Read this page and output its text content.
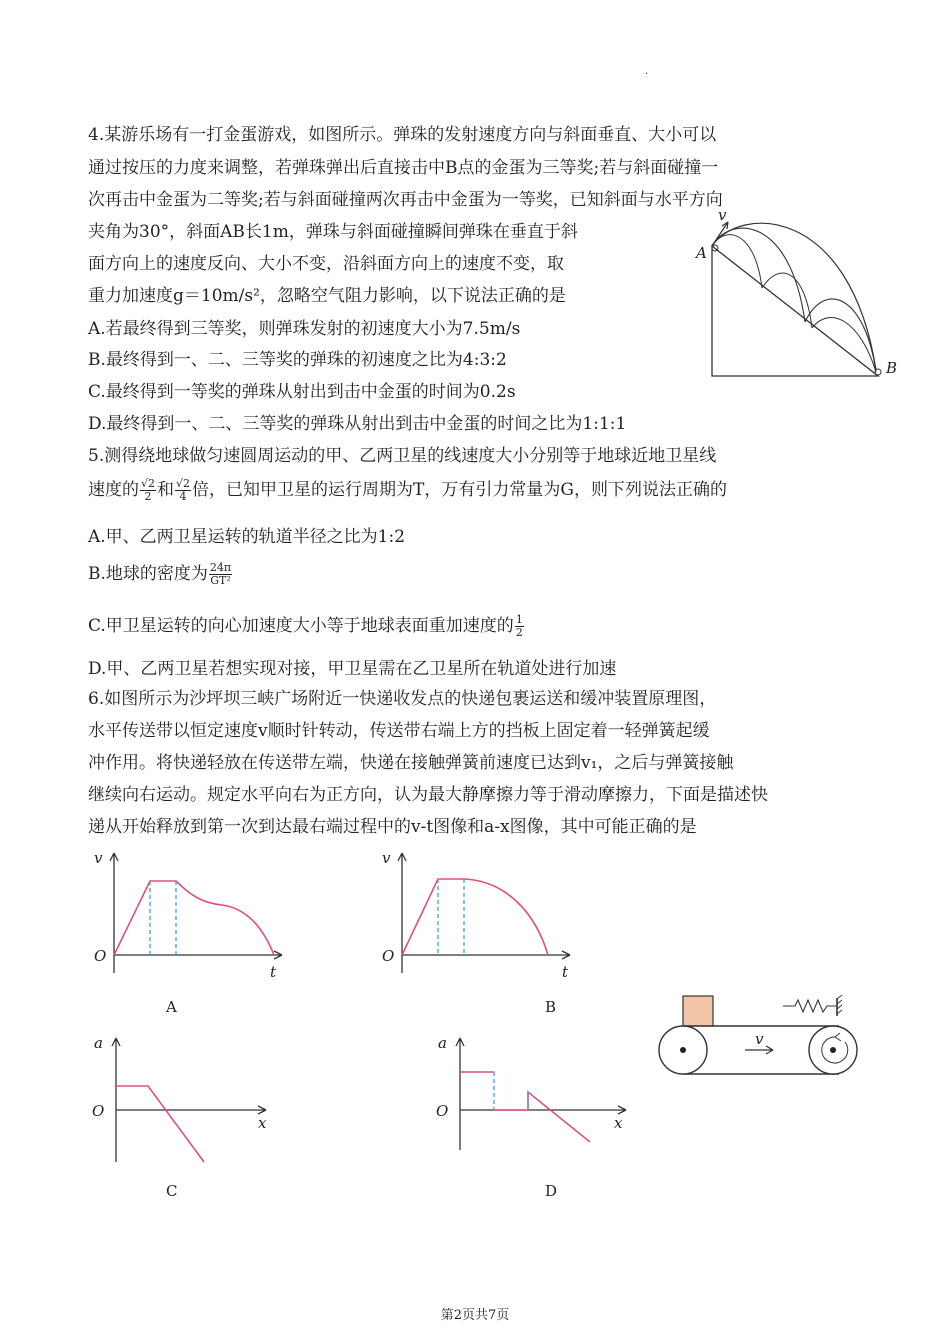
.
4.某游乐场有一打金蛋游戏，如图所示。弹珠的发射速度方向与斜面垂直、大小可以
通过按压的力度来调整，若弹珠弹出后直接击中B点的金蛋为三等奖;若与斜面碰撞一
次再击中金蛋为二等奖;若与斜面碰撞两次再击中金蛋为一等奖，已知斜面与水平方向
夹角为30°，斜面AB长1m，弹珠与斜面碰撞瞬间弹珠在垂直于斜
面方向上的速度反向、大小不变，沿斜面方向上的速度不变，取
重力加速度g＝10m/s²，忽略空气阻力影响，以下说法正确的是
A.若最终得到三等奖，则弹珠发射的初速度大小为7.5m/s
B.最终得到一、二、三等奖的弹珠的初速度之比为4:3:2
C.最终得到一等奖的弹珠从射出到击中金蛋的时间为0.2s
D.最终得到一、二、三等奖的弹珠从射出到击中金蛋的时间之比为1:1:1
v
A
B
5.测得绕地球做匀速圆周运动的甲、乙两卫星的线速度大小分别等于地球近地卫星线
速度的 $\frac{√2}{2}$ 和 $\frac{√2}{4}$ 倍，已知甲卫星的运行周期为T，万有引力常量为G，则下列说法正确的
A.甲、乙两卫星运转的轨道半径之比为1:2
B.地球的密度为 $\frac{24\pi}{\text{GT²}}$
C.甲卫星运转的向心加速度大小等于地球表面重加速度的 $\frac{1}{2}$
D.甲、乙两卫星若想实现对接，甲卫星需在乙卫星所在轨道处进行加速
6.如图所示为沙坪坝三峡广场附近一快递收发点的快递包裹运送和缓冲装置原理图，
水平传送带以恒定速度v顺时针转动，传送带右端上方的挡板上固定着一轻弹簧起缓
冲作用。将快递轻放在传送带左端，快递在接触弹簧前速度已达到v₁，之后与弹簧接触
继续向右运动。规定水平向右为正方向，认为最大静摩擦力等于滑动摩擦力，下面是描述快
递从开始释放到第一次到达最右端过程中的v-t图像和a-x图像，其中可能正确的是
v
O
t
A
v
O
t
B
a
O
x
C
a
O
x
D
v
第2页共7页
